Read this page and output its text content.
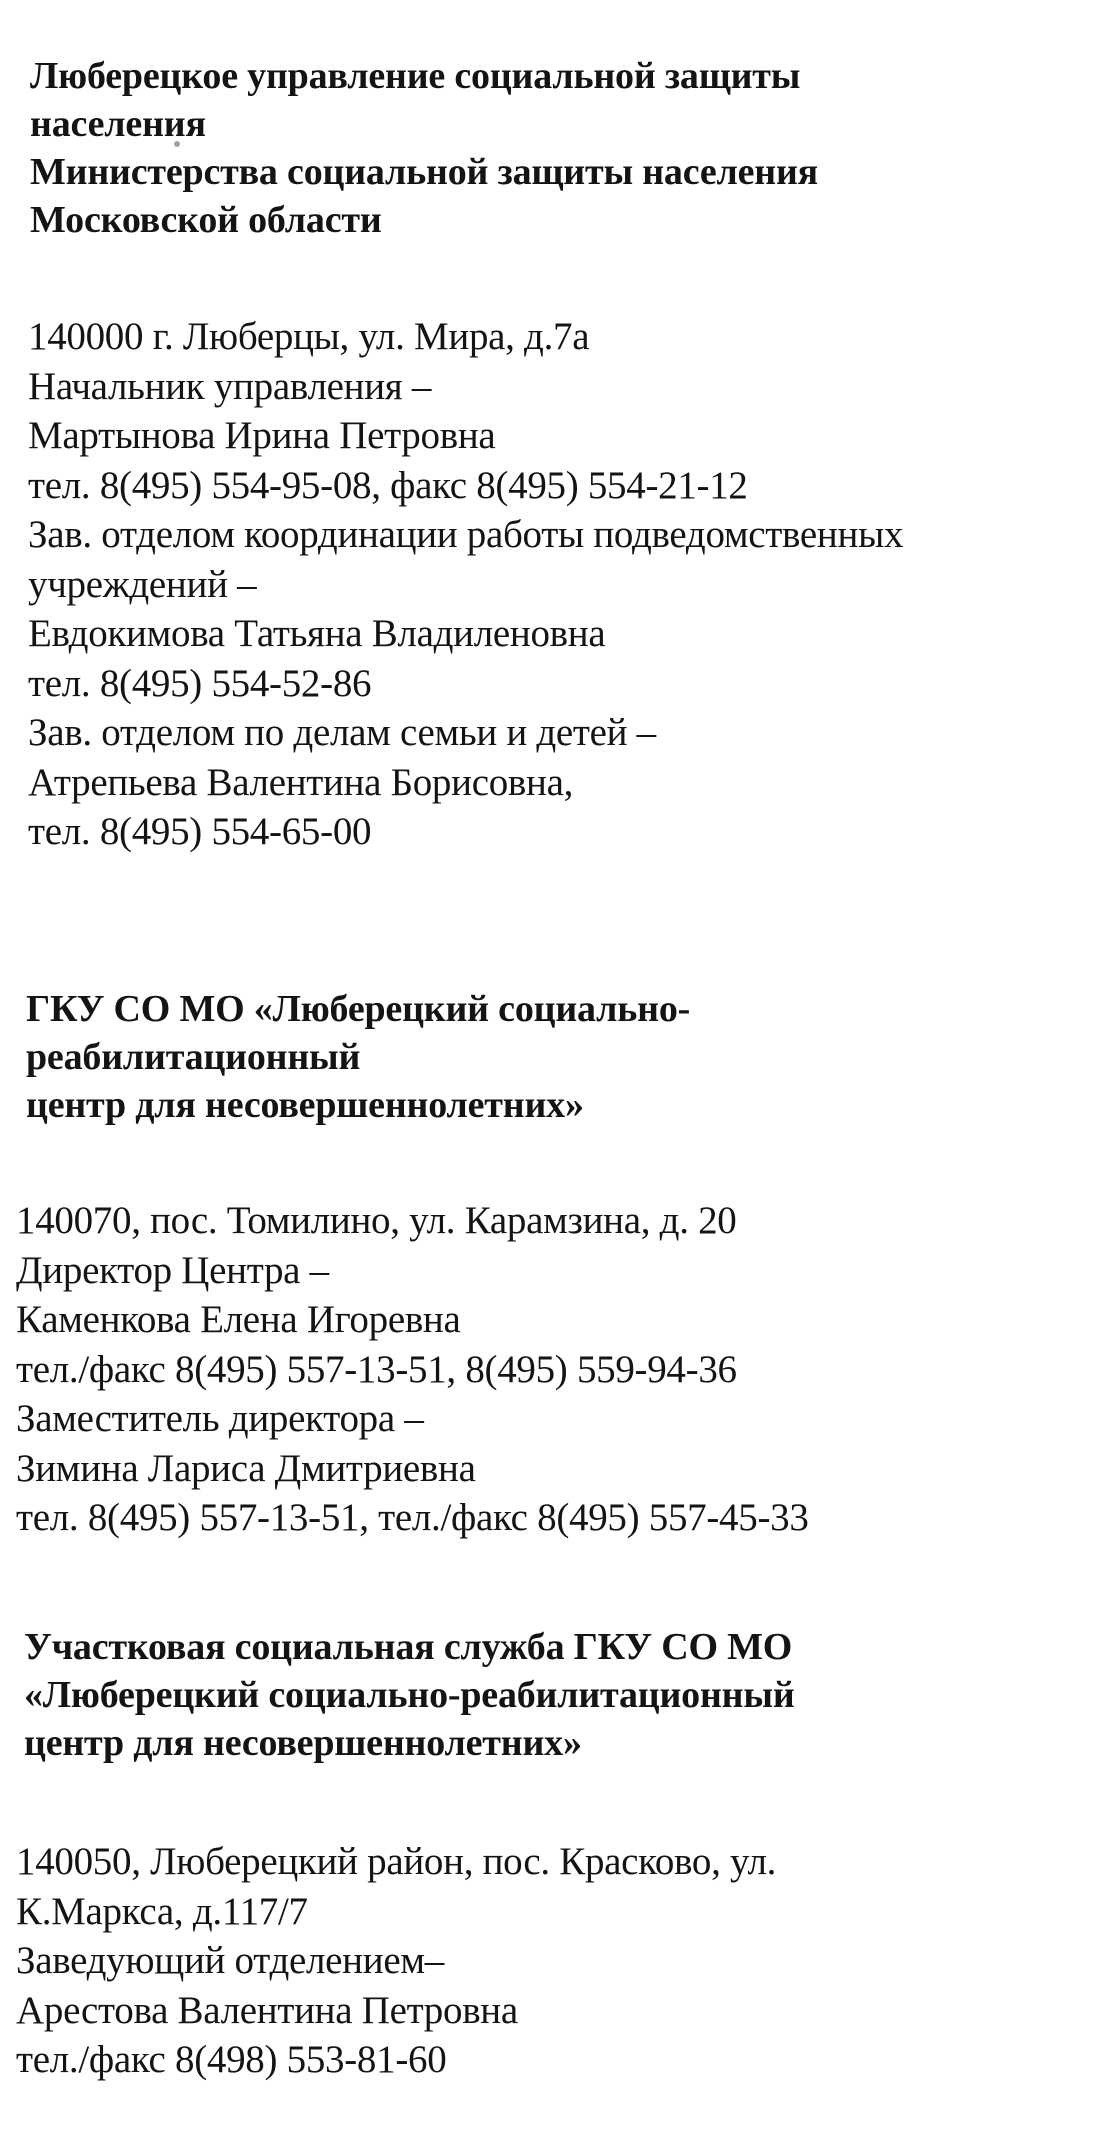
Люберецкое управление социальной защиты
населения
Министерства социальной защиты населения
Московской области
140000 г. Люберцы, ул. Мира, д.7а
Начальник управления –
Мартынова Ирина Петровна
тел. 8(495) 554-95-08, факс 8(495) 554-21-12
Зав. отделом координации работы подведомственных
учреждений –
Евдокимова Татьяна Владиленовна
тел. 8(495) 554-52-86
Зав. отделом по делам семьи и детей –
Атрепьева Валентина Борисовна,
тел. 8(495) 554-65-00
ГКУ СО МО «Люберецкий социально-
реабилитационный
центр для несовершеннолетних»
140070, пос. Томилино, ул. Карамзина, д. 20
Директор Центра –
Каменкова Елена Игоревна
тел./факс 8(495) 557-13-51, 8(495) 559-94-36
Заместитель директора –
Зимина Лариса Дмитриевна
тел. 8(495) 557-13-51, тел./факс 8(495) 557-45-33
Участковая социальная служба ГКУ СО МО
«Люберецкий социально-реабилитационный
центр для несовершеннолетних»
140050, Люберецкий район, пос. Красково, ул.
К.Маркса, д.117/7
Заведующий отделением–
Арестова Валентина Петровна
тел./факс 8(498) 553-81-60
